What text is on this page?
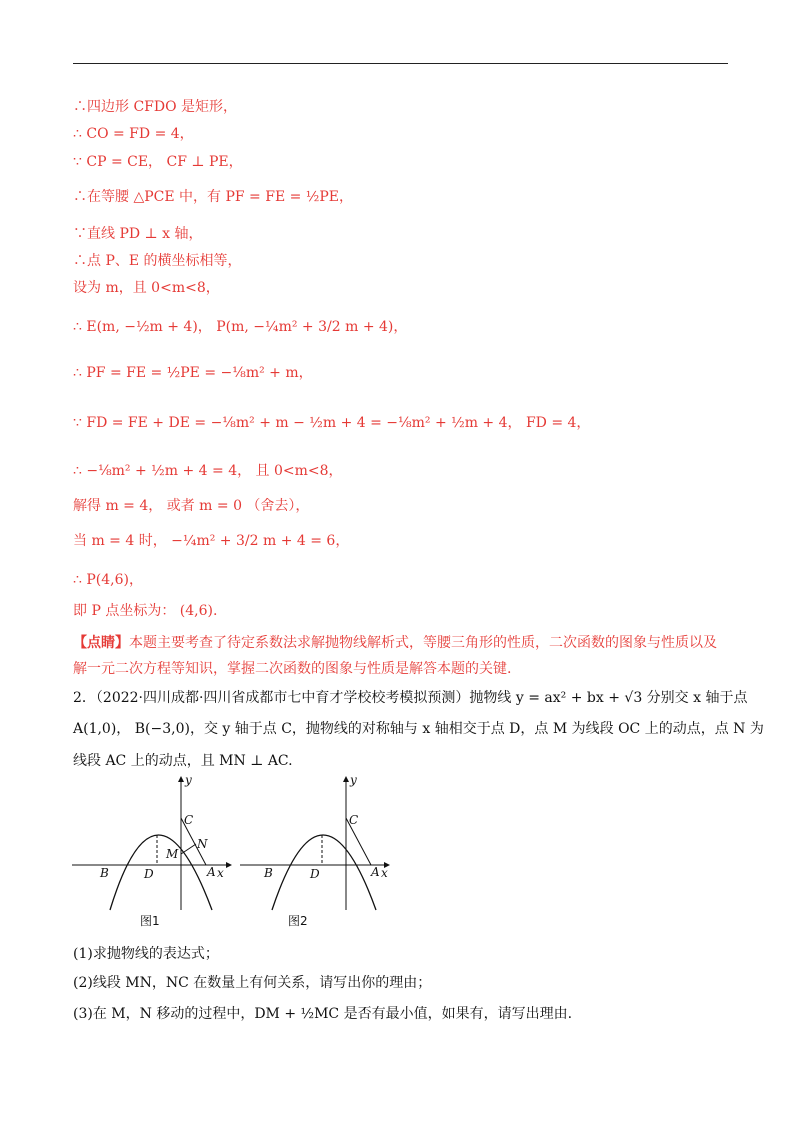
∴四边形 CFDO 是矩形，
∴ CO = FD = 4，
∵ CP = CE， CF ⊥ PE，
∴在等腰 △PCE 中，有 PF = FE = ½PE，
∵直线 PD ⊥ x 轴，
∴点 P、E 的横坐标相等，
设为 m，且 0<m<8，
∴ E(m, −½m + 4)， P(m, −¼m² + 3/2 m + 4)，
∴ PF = FE = ½PE = −⅛m² + m，
∵ FD = FE + DE = −⅛m² + m − ½m + 4 = −⅛m² + ½m + 4， FD = 4，
∴ −⅛m² + ½m + 4 = 4， 且 0<m<8，
解得 m = 4， 或者 m = 0 （舍去），
当 m = 4 时， −¼m² + 3/2 m + 4 = 6，
∴ P(4,6)，
即 P 点坐标为： (4,6).
【点睛】本题主要考查了待定系数法求解抛物线解析式，等腰三角形的性质，二次函数的图象与性质以及
解一元二次方程等知识，掌握二次函数的图象与性质是解答本题的关键.
2．（2022·四川成都·四川省成都市七中育才学校校考模拟预测）抛物线 y = ax² + bx + √3 分别交 x 轴于点
A(1,0)， B(−3,0)，交 y 轴于点 C，抛物线的对称轴与 x 轴相交于点 D，点 M 为线段 OC 上的动点，点 N 为
线段 AC 上的动点，且 MN ⊥ AC.
y
x
A
B
C
D
M
N
图1
y
x
A
B
C
D
图2
(1)求抛物线的表达式；
(2)线段 MN，NC 在数量上有何关系，请写出你的理由；
(3)在 M，N 移动的过程中，DM + ½MC 是否有最小值，如果有，请写出理由.
